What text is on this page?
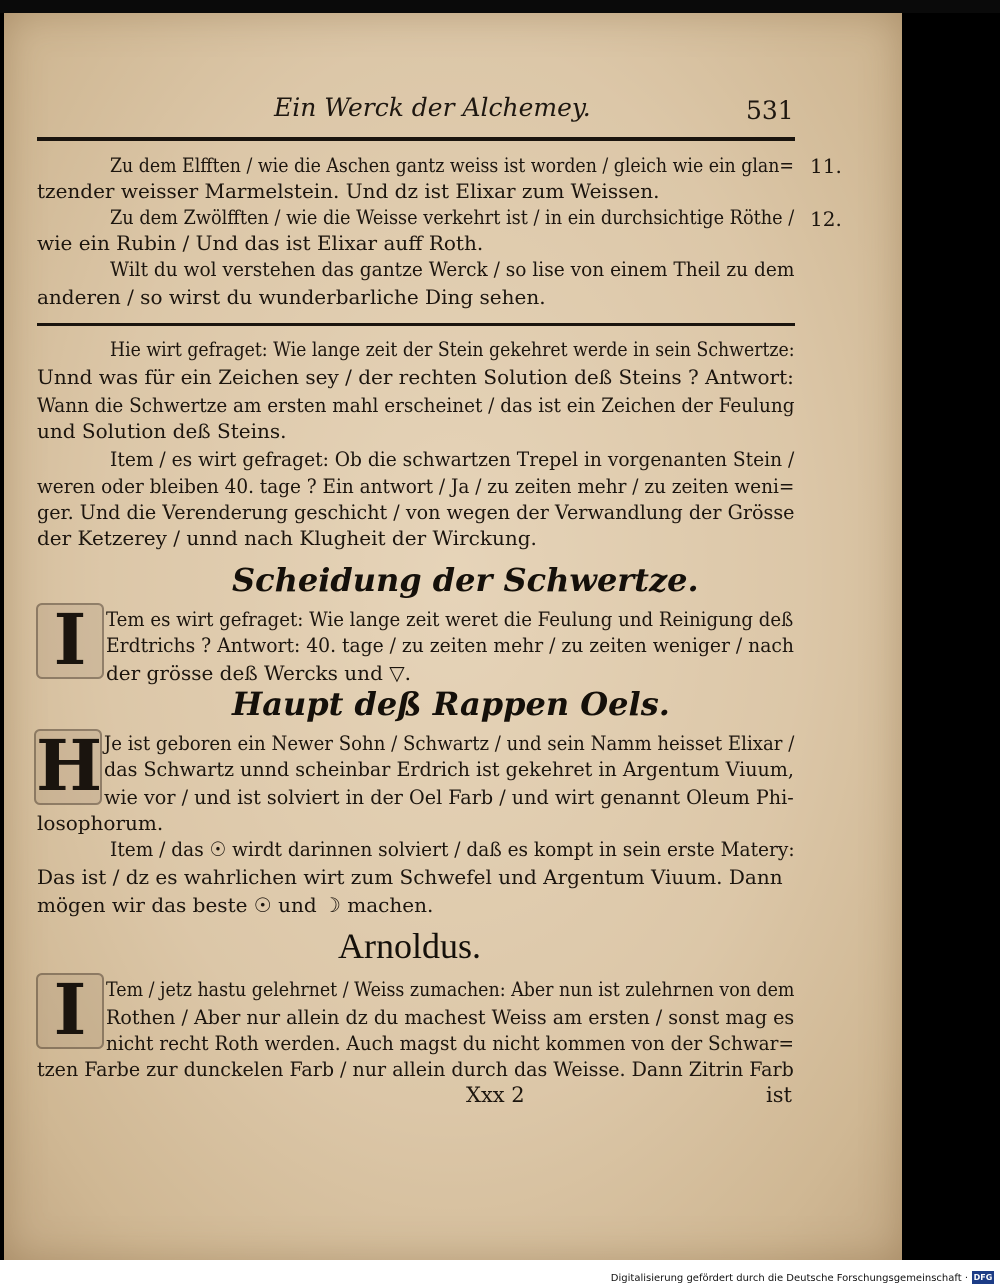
Ein Werck der Alchemey.	531
Zu dem Elfften / wie die Aschen gantz weiss ist worden / gleich wie ein glan=
tzender weisser Marmelstein. Und dz ist Elixar zum Weissen.
Zu dem Zwölfften / wie die Weisse verkehrt ist / in ein durchsichtige Röthe /
wie ein Rubin / Und das ist Elixar auff Roth.
Wilt du wol verstehen das gantze Werck / so lise von einem Theil zu dem
anderen / so wirst du wunderbarliche Ding sehen.
11.
12.
Hie wirt gefraget: Wie lange zeit der Stein gekehret werde in sein Schwertze:
Unnd was für ein Zeichen sey / der rechten Solution deß Steins ? Antwort:
Wann die Schwertze am ersten mahl erscheinet / das ist ein Zeichen der Feulung
und Solution deß Steins.
Item / es wirt gefraget: Ob die schwartzen Trepel in vorgenanten Stein /
weren oder bleiben 40. tage ? Ein antwort / Ja / zu zeiten mehr / zu zeiten weni=
ger. Und die Verenderung geschicht / von wegen der Verwandlung der Grösse
der Ketzerey / unnd nach Klugheit der Wirckung.
Scheidung der Schwertze.
I Tem es wirt gefraget: Wie lange zeit weret die Feulung und Reinigung deß
Erdtrichs ? Antwort: 40. tage / zu zeiten mehr / zu zeiten weniger / nach
der grösse deß Wercks und ▽.
Haupt deß Rappen Oels.
H Je ist geboren ein Newer Sohn / Schwartz / und sein Namm heisset Elixar /
das Schwartz unnd scheinbar Erdrich ist gekehret in Argentum Viuum,
wie vor / und ist solviert in der Oel Farb / und wirt genannt Oleum Phi-
losophorum.
Item / das ☉ wirdt darinnen solviert / daß es kompt in sein erste Matery:
Das ist / dz es wahrlichen wirt zum Schwefel und Argentum Viuum. Dann
mögen wir das beste ☉ und ☽ machen.
Arnoldus.
I Tem / jetz hastu gelehrnet / Weiss zumachen: Aber nun ist zulehrnen von dem
Rothen / Aber nur allein dz du machest Weiss am ersten / sonst mag es
nicht recht Roth werden. Auch magst du nicht kommen von der Schwar=
tzen Farbe zur dunckelen Farb / nur allein durch das Weisse. Dann Zitrin Farb
Xxx 2	ist
Digitalisierung gefördert durch die Deutsche Forschungsgemeinschaft · DFG
